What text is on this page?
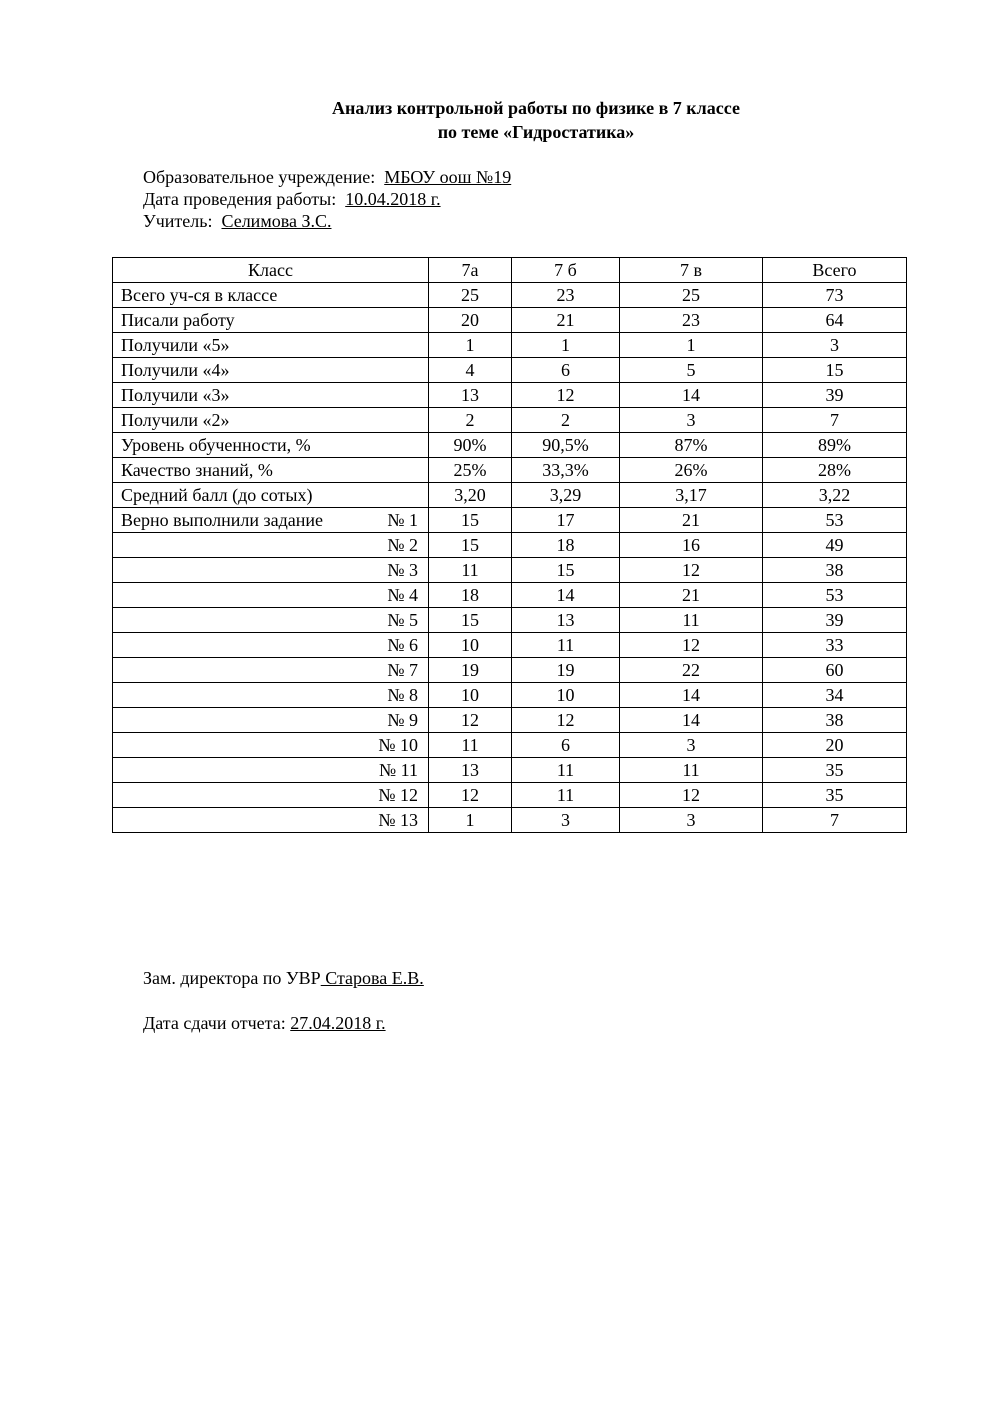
Анализ контрольной работы по физике в 7 классе
по теме «Гидростатика»
Образовательное учреждение: МБОУ оош №19
Дата проведения работы: 10.04.2018 г.
Учитель: Селимова З.С.
Класс	7а	7 б	7 в	Всего
Всего уч-ся в классе	25	23	25	73
Писали работу	20	21	23	64
Получили «5»	1	1	1	3
Получили «4»	4	6	5	15
Получили «3»	13	12	14	39
Получили «2»	2	2	3	7
Уровень обученности, %	90%	90,5%	87%	89%
Качество знаний, %	25%	33,3%	26%	28%
Средний балл (до сотых)	3,20	3,29	3,17	3,22

Верно выполнили задание № 1	15	17	21	53

№ 2	15	18	16	49

№ 3	11	15	12	38

№ 4	18	14	21	53

№ 5	15	13	11	39

№ 6	10	11	12	33

№ 7	19	19	22	60

№ 8	10	10	14	34

№ 9	12	12	14	38

№ 10	11	6	3	20

№ 11	13	11	11	35

№ 12	12	11	12	35

№ 13	1	3	3	7
Зам. директора по УВР Старова Е.В.
Дата сдачи отчета: 27.04.2018 г.
